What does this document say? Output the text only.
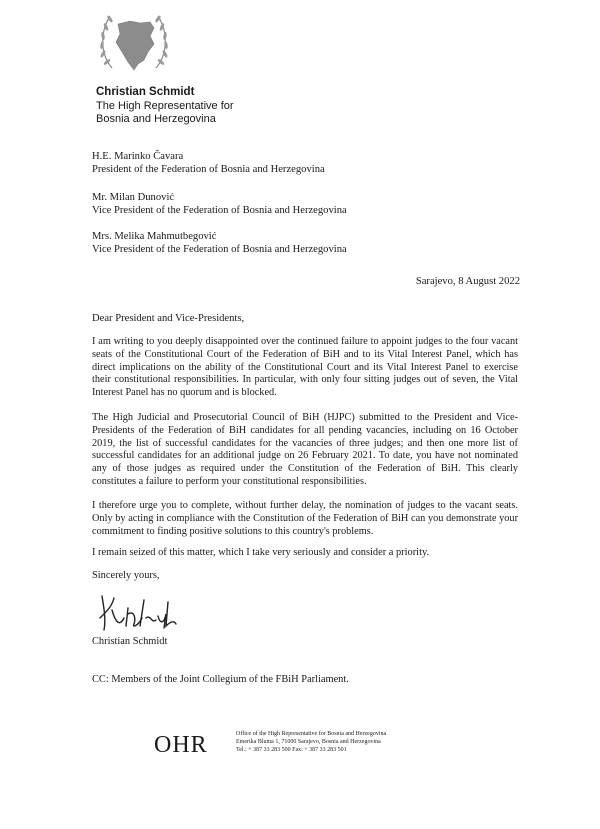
Christian Schmidt
The High Representative for
Bosnia and Herzegovina
H.E. Marinko Čavara
President of the Federation of Bosnia and Herzegovina
Mr. Milan Dunović
Vice President of the Federation of Bosnia and Herzegovina
Mrs. Melika Mahmutbegović
Vice President of the Federation of Bosnia and Herzegovina
Sarajevo, 8 August 2022
Dear President and Vice-Presidents,
I am writing to you deeply disappointed over the continued failure to appoint judges to the four vacant seats of the Constitutional Court of the Federation of BiH and to its Vital Interest Panel, which has direct implications on the ability of the Constitutional Court and its Vital Interest Panel to exercise their constitutional responsibilities. In particular, with only four sitting judges out of seven, the Vital Interest Panel has no quorum and is blocked.
The High Judicial and Prosecutorial Council of BiH (HJPC) submitted to the President and Vice-Presidents of the Federation of BiH candidates for all pending vacancies, including on 16 October 2019, the list of successful candidates for the vacancies of three judges; and then one more list of successful candidates for an additional judge on 26 February 2021. To date, you have not nominated any of those judges as required under the Constitution of the Federation of BiH. This clearly constitutes a failure to perform your constitutional responsibilities.
I therefore urge you to complete, without further delay, the nomination of judges to the vacant seats. Only by acting in compliance with the Constitution of the Federation of BiH can you demonstrate your commitment to finding positive solutions to this country's problems.
I remain seized of this matter, which I take very seriously and consider a priority.
Sincerely yours,
Christian Schmidt
CC: Members of the Joint Collegium of the FBiH Parliament.
OHR	Office of the High Representative for Bosnia and Herzegovina
Emerika Bluma 1, 71000 Sarajevo, Bosnia and Herzegovina
Tel.: + 387 33 283 500 Fax: + 387 33 283 501
